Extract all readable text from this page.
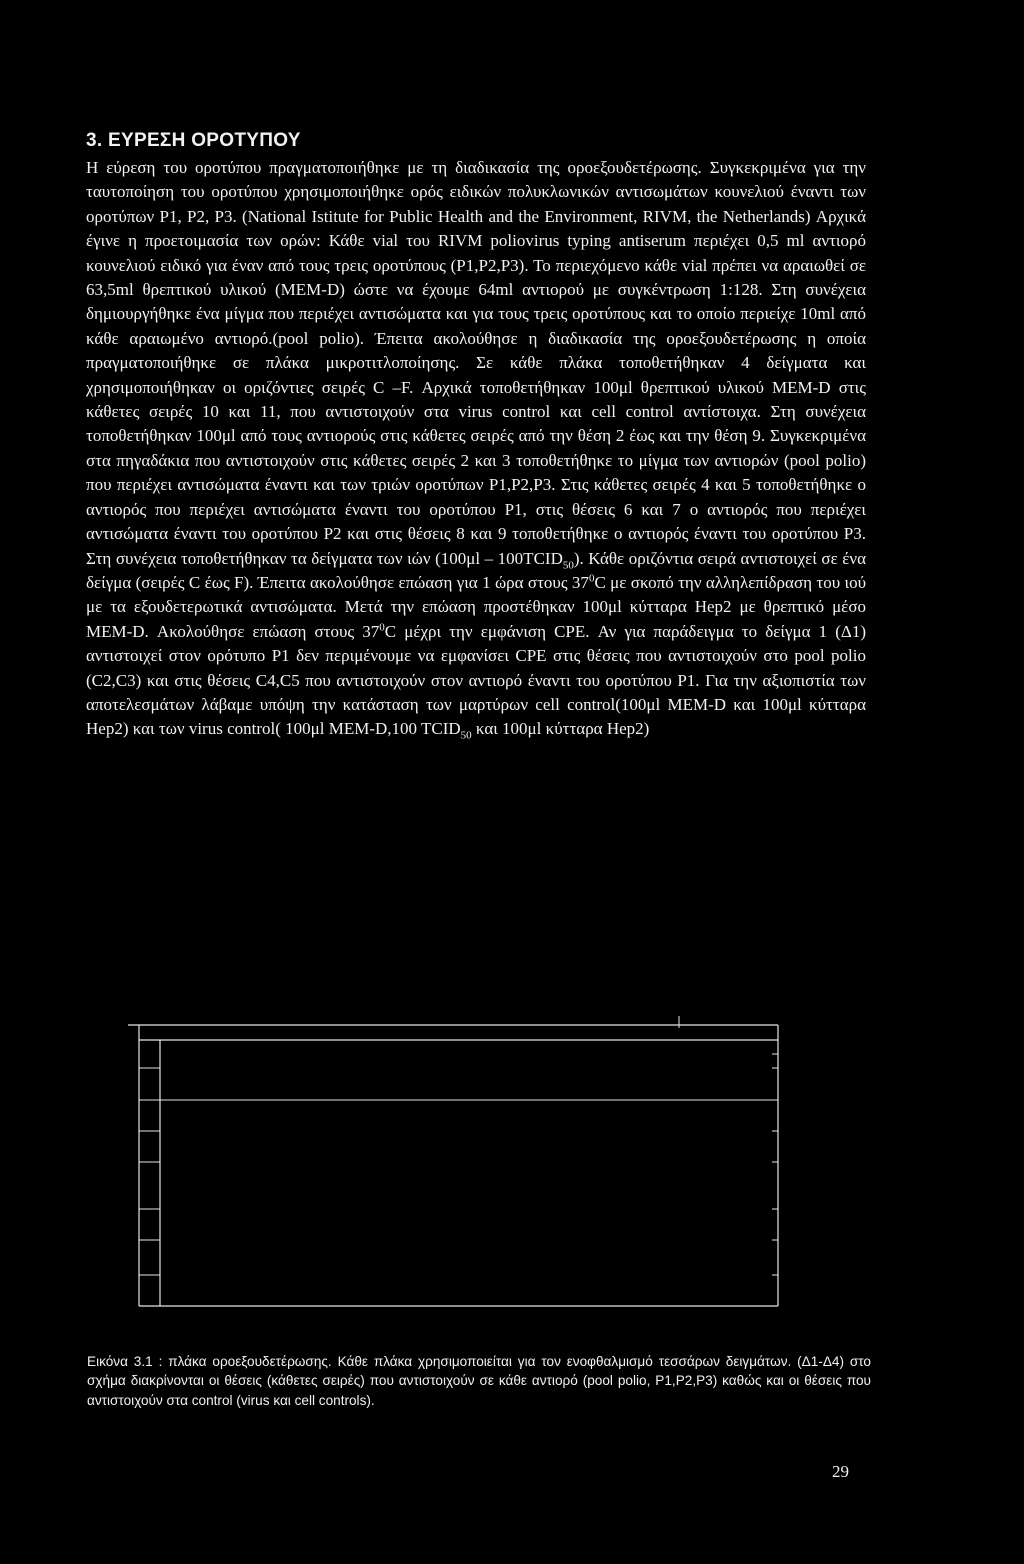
3. ΕΥΡΕΣΗ ΟΡΟΤΥΠΟΥ

Η εύρεση του οροτύπου πραγματοποιήθηκε με τη διαδικασία της οροεξουδετέρωσης. Συγκεκριμένα για την ταυτοποίηση του οροτύπου χρησιμοποιήθηκε ορός ειδικών πολυκλωνικών αντισωμάτων κουνελιού έναντι των οροτύπων P1, P2, P3. (National Istitute for Public Health and the Environment, RIVM, the Netherlands) Αρχικά έγινε η προετοιμασία των ορών: Κάθε vial του RIVM poliovirus typing antiserum περιέχει 0,5 ml αντιορό κουνελιού ειδικό για έναν από τους τρεις οροτύπους (P1,P2,P3). Το περιεχόμενο κάθε vial πρέπει να αραιωθεί σε 63,5ml θρεπτικού υλικού (MEM-D) ώστε να έχουμε 64ml αντιορού με συγκέντρωση 1:128. Στη συνέχεια δημιουργήθηκε ένα μίγμα που περιέχει αντισώματα και για τους τρεις οροτύπους και το οποίο περιείχε 10ml από κάθε αραιωμένο αντιορό.(pool polio). Έπειτα ακολούθησε η διαδικασία της οροεξουδετέρωσης η οποία πραγματοποιήθηκε σε πλάκα μικροτιτλοποίησης. Σε κάθε πλάκα τοποθετήθηκαν 4 δείγματα και χρησιμοποιήθηκαν οι οριζόντιες σειρές C –F. Αρχικά τοποθετήθηκαν 100μl θρεπτικού υλικού MEM-D στις κάθετες σειρές 10 και 11, που αντιστοιχούν στα virus control και cell control αντίστοιχα. Στη συνέχεια τοποθετήθηκαν 100μl από τους αντιορούς στις κάθετες σειρές από την θέση 2 έως και την θέση 9. Συγκεκριμένα στα πηγαδάκια που αντιστοιχούν στις κάθετες σειρές 2 και 3 τοποθετήθηκε το μίγμα των αντιορών (pool polio) που περιέχει αντισώματα έναντι και των τριών οροτύπων P1,P2,P3. Στις κάθετες σειρές 4 και 5 τοποθετήθηκε ο αντιορός που περιέχει αντισώματα έναντι του οροτύπου P1, στις θέσεις 6 και 7 ο αντιορός που περιέχει αντισώματα έναντι του οροτύπου P2 και στις θέσεις 8 και 9 τοποθετήθηκε ο αντιορός έναντι του οροτύπου P3. Στη συνέχεια τοποθετήθηκαν τα δείγματα των ιών $(100\mu l - 100TCID_{50})$. Κάθε οριζόντια σειρά αντιστοιχεί σε ένα δείγμα (σειρές C έως F). Έπειτα ακολούθησε επώαση για 1 ώρα στους $37^0C$ με σκοπό την αλληλεπίδραση του ιού με τα εξουδετερωτικά αντισώματα. Μετά την επώαση προστέθηκαν 100μl κύτταρα Hep2 με θρεπτικό μέσο MEM-D. Ακολούθησε επώαση στους $37^0C$ μέχρι την εμφάνιση CPE. Αν για παράδειγμα το δείγμα 1 (Δ1) αντιστοιχεί στον ορότυπο P1 δεν περιμένουμε να εμφανίσει CPE στις θέσεις που αντιστοιχούν στο pool polio (C2,C3) και στις θέσεις C4,C5 που αντιστοιχούν στον αντιορό έναντι του οροτύπου P1. Για την αξιοπιστία των αποτελεσμάτων λάβαμε υπόψη την κατάσταση των μαρτύρων cell control(100μl MEM-D και 100μl κύτταρα Hep2) και των virus control( 100μl MEM-D,100 $TCID_{50}$ και 100μl κύτταρα Hep2)

Εικόνα 3.1 : πλάκα οροεξουδετέρωσης. Κάθε πλάκα χρησιμοποιείται για τον ενοφθαλμισμό τεσσάρων δειγμάτων. (Δ1-Δ4) στο σχήμα διακρίνονται οι θέσεις (κάθετες σειρές) που αντιστοιχούν σε κάθε αντιορό (pool polio, P1,P2,P3) καθώς και οι θέσεις που αντιστοιχούν στα control (virus και cell controls).

29
